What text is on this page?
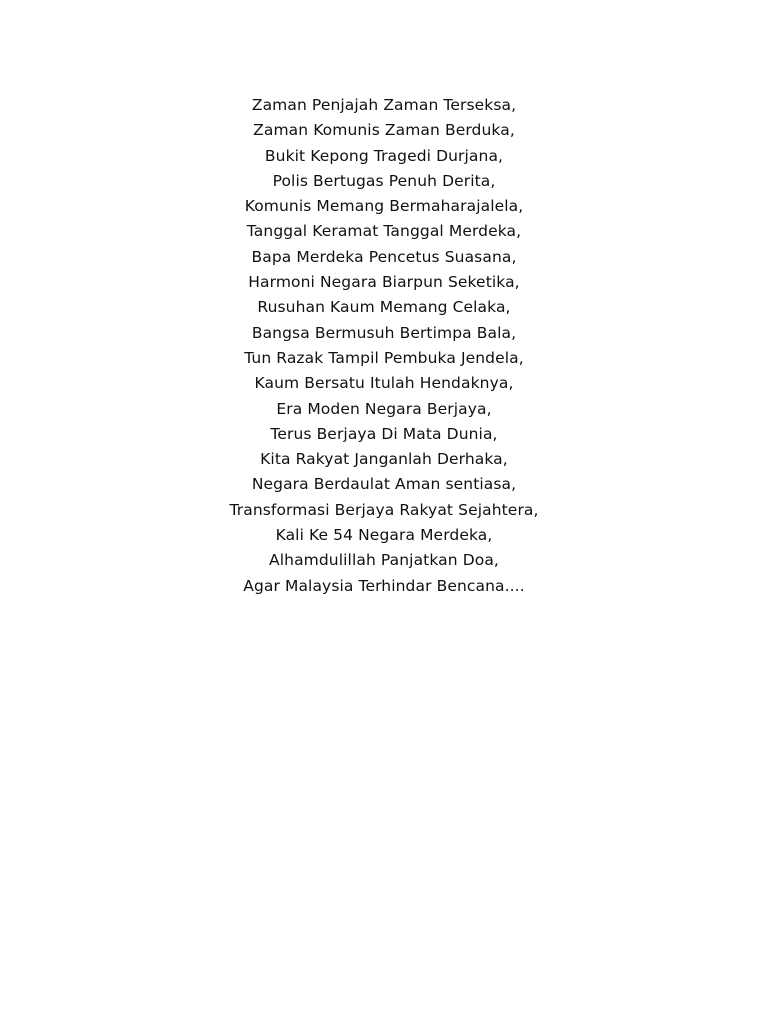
Zaman Penjajah Zaman Terseksa,
Zaman Komunis Zaman Berduka,
Bukit Kepong Tragedi Durjana,
Polis Bertugas Penuh Derita,
Komunis Memang Bermaharajalela,
Tanggal Keramat Tanggal Merdeka,
Bapa Merdeka Pencetus Suasana,
Harmoni Negara Biarpun Seketika,
Rusuhan Kaum Memang Celaka,
Bangsa Bermusuh Bertimpa Bala,
Tun Razak Tampil Pembuka Jendela,
Kaum Bersatu Itulah Hendaknya,
Era Moden Negara Berjaya,
Terus Berjaya Di Mata Dunia,
Kita Rakyat Janganlah Derhaka,
Negara Berdaulat Aman sentiasa,
Transformasi Berjaya Rakyat Sejahtera,
Kali Ke 54 Negara Merdeka,
Alhamdulillah Panjatkan Doa,
Agar Malaysia Terhindar Bencana....
